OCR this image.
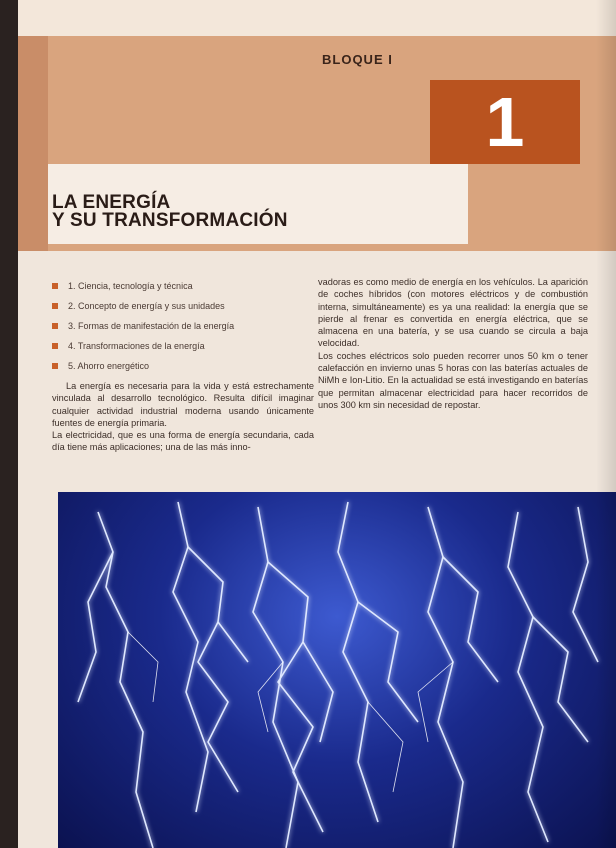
BLOQUE I
1
LA ENERGÍA
Y SU TRANSFORMACIÓN
1. Ciencia, tecnología y técnica
2. Concepto de energía y sus unidades
3. Formas de manifestación de la energía
4. Transformaciones de la energía
5. Ahorro energético

La energía es necesaria para la vida y está estrechamente vinculada al desarrollo tecnológico. Resulta difícil imaginar cualquier actividad industrial moderna usando únicamente fuentes de energía primaria.

La electricidad, que es una forma de energía secundaria, cada día tiene más aplicaciones; una de las más inno-

vadoras es como medio de energía en los vehículos. La aparición de coches híbridos (con motores eléctricos y de combustión interna, simultáneamente) es ya una realidad: la energía que se pierde al frenar es convertida en energía eléctrica, que se almacena en una batería, y se usa cuando se circula a baja velocidad.

Los coches eléctricos solo pueden recorrer unos 50 km o tener calefacción en invierno unas 5 horas con las baterías actuales de NiMh e Ion-Litio. En la actualidad se está investigando en baterías que permitan almacenar electricidad para hacer recorridos de unos 300 km sin necesidad de repostar.
